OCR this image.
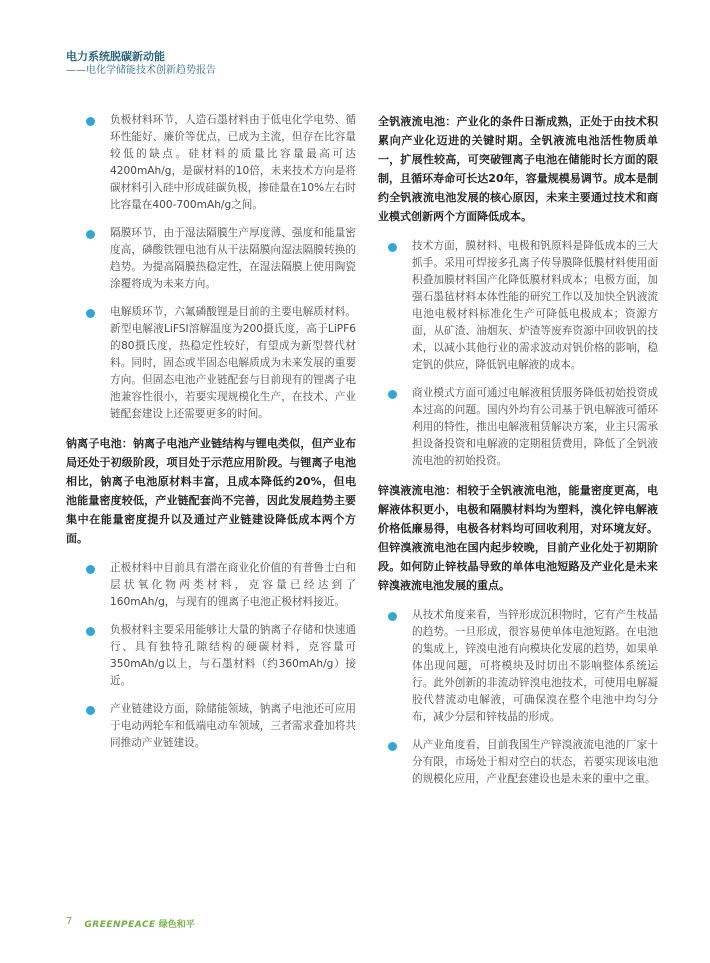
电力系统脱碳新动能
——电化学储能技术创新趋势报告
负极材料环节，人造石墨材料由于低电化学电势、循环性能好、廉价等优点，已成为主流，但存在比容量较低的缺点。硅材料的质量比容量最高可达4200mAh/g，是碳材料的10倍，未来技术方向是将碳材料引入硅中形成硅碳负极，掺硅量在10%左右时比容量在400-700mAh/g之间。
隔膜环节，由于湿法隔膜生产厚度薄、强度和能量密度高，磷酸铁锂电池有从干法隔膜向湿法隔膜转换的趋势。为提高隔膜热稳定性，在湿法隔膜上使用陶瓷涂覆将成为未来方向。
电解质环节，六氟磷酸锂是目前的主要电解质材料。新型电解液LiFSI溶解温度为200摄氏度，高于LiPF6的80摄氏度，热稳定性较好，有望成为新型替代材料。同时，固态或半固态电解质成为未来发展的重要方向。但固态电池产业链配套与目前现有的锂离子电池兼容性很小，若要实现规模化生产，在技术、产业链配套建设上还需要更多的时间。

钠离子电池：钠离子电池产业链结构与锂电类似，但产业布局还处于初级阶段，项目处于示范应用阶段。与锂离子电池相比，钠离子电池原材料丰富，且成本降低约20%，但电池能量密度较低，产业链配套尚不完善，因此发展趋势主要集中在能量密度提升以及通过产业链建设降低成本两个方面。

正极材料中目前具有潜在商业化价值的有普鲁士白和层状氧化物两类材料，克容量已经达到了160mAh/g，与现有的锂离子电池正极材料接近。
负极材料主要采用能够让大量的钠离子存储和快速通行、具有独特孔隙结构的硬碳材料，克容量可350mAh/g以上，与石墨材料（约360mAh/g）接近。
产业链建设方面，除储能领域，钠离子电池还可应用于电动两轮车和低端电动车领域，三者需求叠加将共同推动产业链建设。

全钒液流电池：产业化的条件日渐成熟，正处于由技术积累向产业化迈进的关键时期。全钒液流电池活性物质单一，扩展性较高，可突破锂离子电池在储能时长方面的限制，且循环寿命可长达20年，容量规模易调节。成本是制约全钒液流电池发展的核心原因，未来主要通过技术和商业模式创新两个方面降低成本。

技术方面，膜材料、电极和钒原料是降低成本的三大抓手。采用可焊接多孔离子传导膜降低膜材料使用面积叠加膜材料国产化降低膜材料成本；电极方面，加强石墨毡材料本体性能的研究工作以及加快全钒液流电池电极材料标准化生产可降低电极成本；资源方面，从矿渣、油烟灰、炉渣等废弃资源中回收钒的技术，以减小其他行业的需求波动对钒价格的影响，稳定钒的供应，降低钒电解液的成本。
商业模式方面可通过电解液租赁服务降低初始投资成本过高的问题。国内外均有公司基于钒电解液可循环利用的特性，推出电解液租赁解决方案，业主只需承担设备投资和电解液的定期租赁费用，降低了全钒液流电池的初始投资。

锌溴液流电池：相较于全钒液流电池，能量密度更高，电解液体积更小，电极和隔膜材料均为塑料，溴化锌电解液价格低廉易得，电极各材料均可回收利用，对环境友好。但锌溴液流电池在国内起步较晚，目前产业化处于初期阶段。如何防止锌枝晶导致的单体电池短路及产业化是未来锌溴液流电池发展的重点。

从技术角度来看，当锌形成沉积物时，它有产生枝晶的趋势。一旦形成，很容易使单体电池短路。在电池的集成上，锌溴电池有向模块化发展的趋势，如果单体出现问题，可将模块及时切出不影响整体系统运行。此外创新的非流动锌溴电池技术，可使用电解凝胶代替流动电解液，可确保溴在整个电池中均匀分布，减少分层和锌枝晶的形成。
从产业角度看，目前我国生产锌溴液流电池的厂家十分有限，市场处于相对空白的状态，若要实现该电池的规模化应用，产业配套建设也是未来的重中之重。
7 GREENPEACE 绿色和平
